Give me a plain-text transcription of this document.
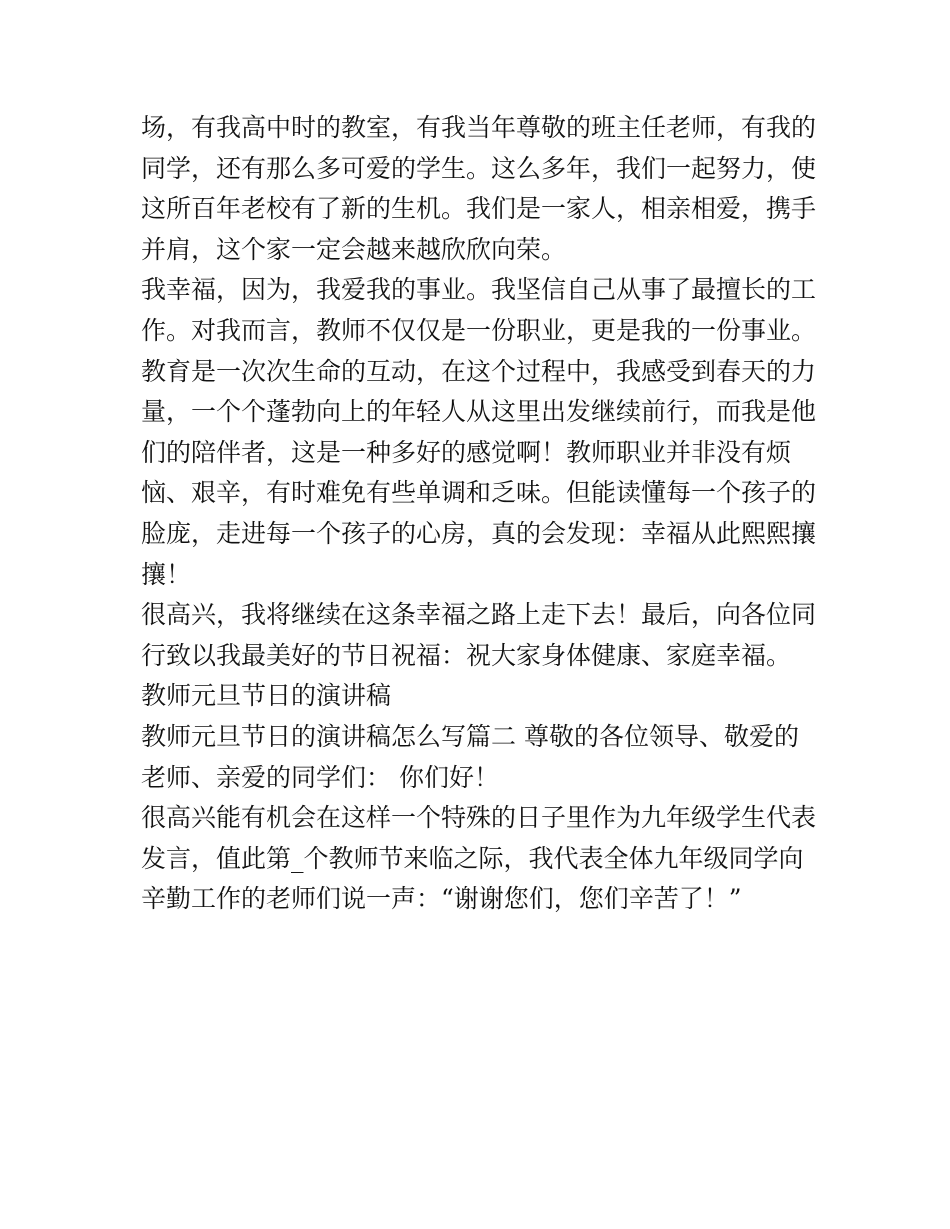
场，有我高中时的教室，有我当年尊敬的班主任老师，有我的
同学，还有那么多可爱的学生。这么多年，我们一起努力，使
这所百年老校有了新的生机。我们是一家人，相亲相爱，携手
并肩，这个家一定会越来越欣欣向荣。
我幸福，因为，我爱我的事业。我坚信自己从事了最擅长的工
作。对我而言，教师不仅仅是一份职业，更是我的一份事业。
教育是一次次生命的互动，在这个过程中，我感受到春天的力
量，一个个蓬勃向上的年轻人从这里出发继续前行，而我是他
们的陪伴者，这是一种多好的感觉啊！教师职业并非没有烦
恼、艰辛，有时难免有些单调和乏味。但能读懂每一个孩子的
脸庞，走进每一个孩子的心房，真的会发现：幸福从此熙熙攘
攘！
很高兴，我将继续在这条幸福之路上走下去！最后，向各位同
行致以我最美好的节日祝福：祝大家身体健康、家庭幸福。
教师元旦节日的演讲稿
教师元旦节日的演讲稿怎么写篇二 尊敬的各位领导、敬爱的
老师、亲爱的同学们： 你们好！
很高兴能有机会在这样一个特殊的日子里作为九年级学生代表
发言，值此第_个教师节来临之际，我代表全体九年级同学向
辛勤工作的老师们说一声：“谢谢您们，您们辛苦了！”
